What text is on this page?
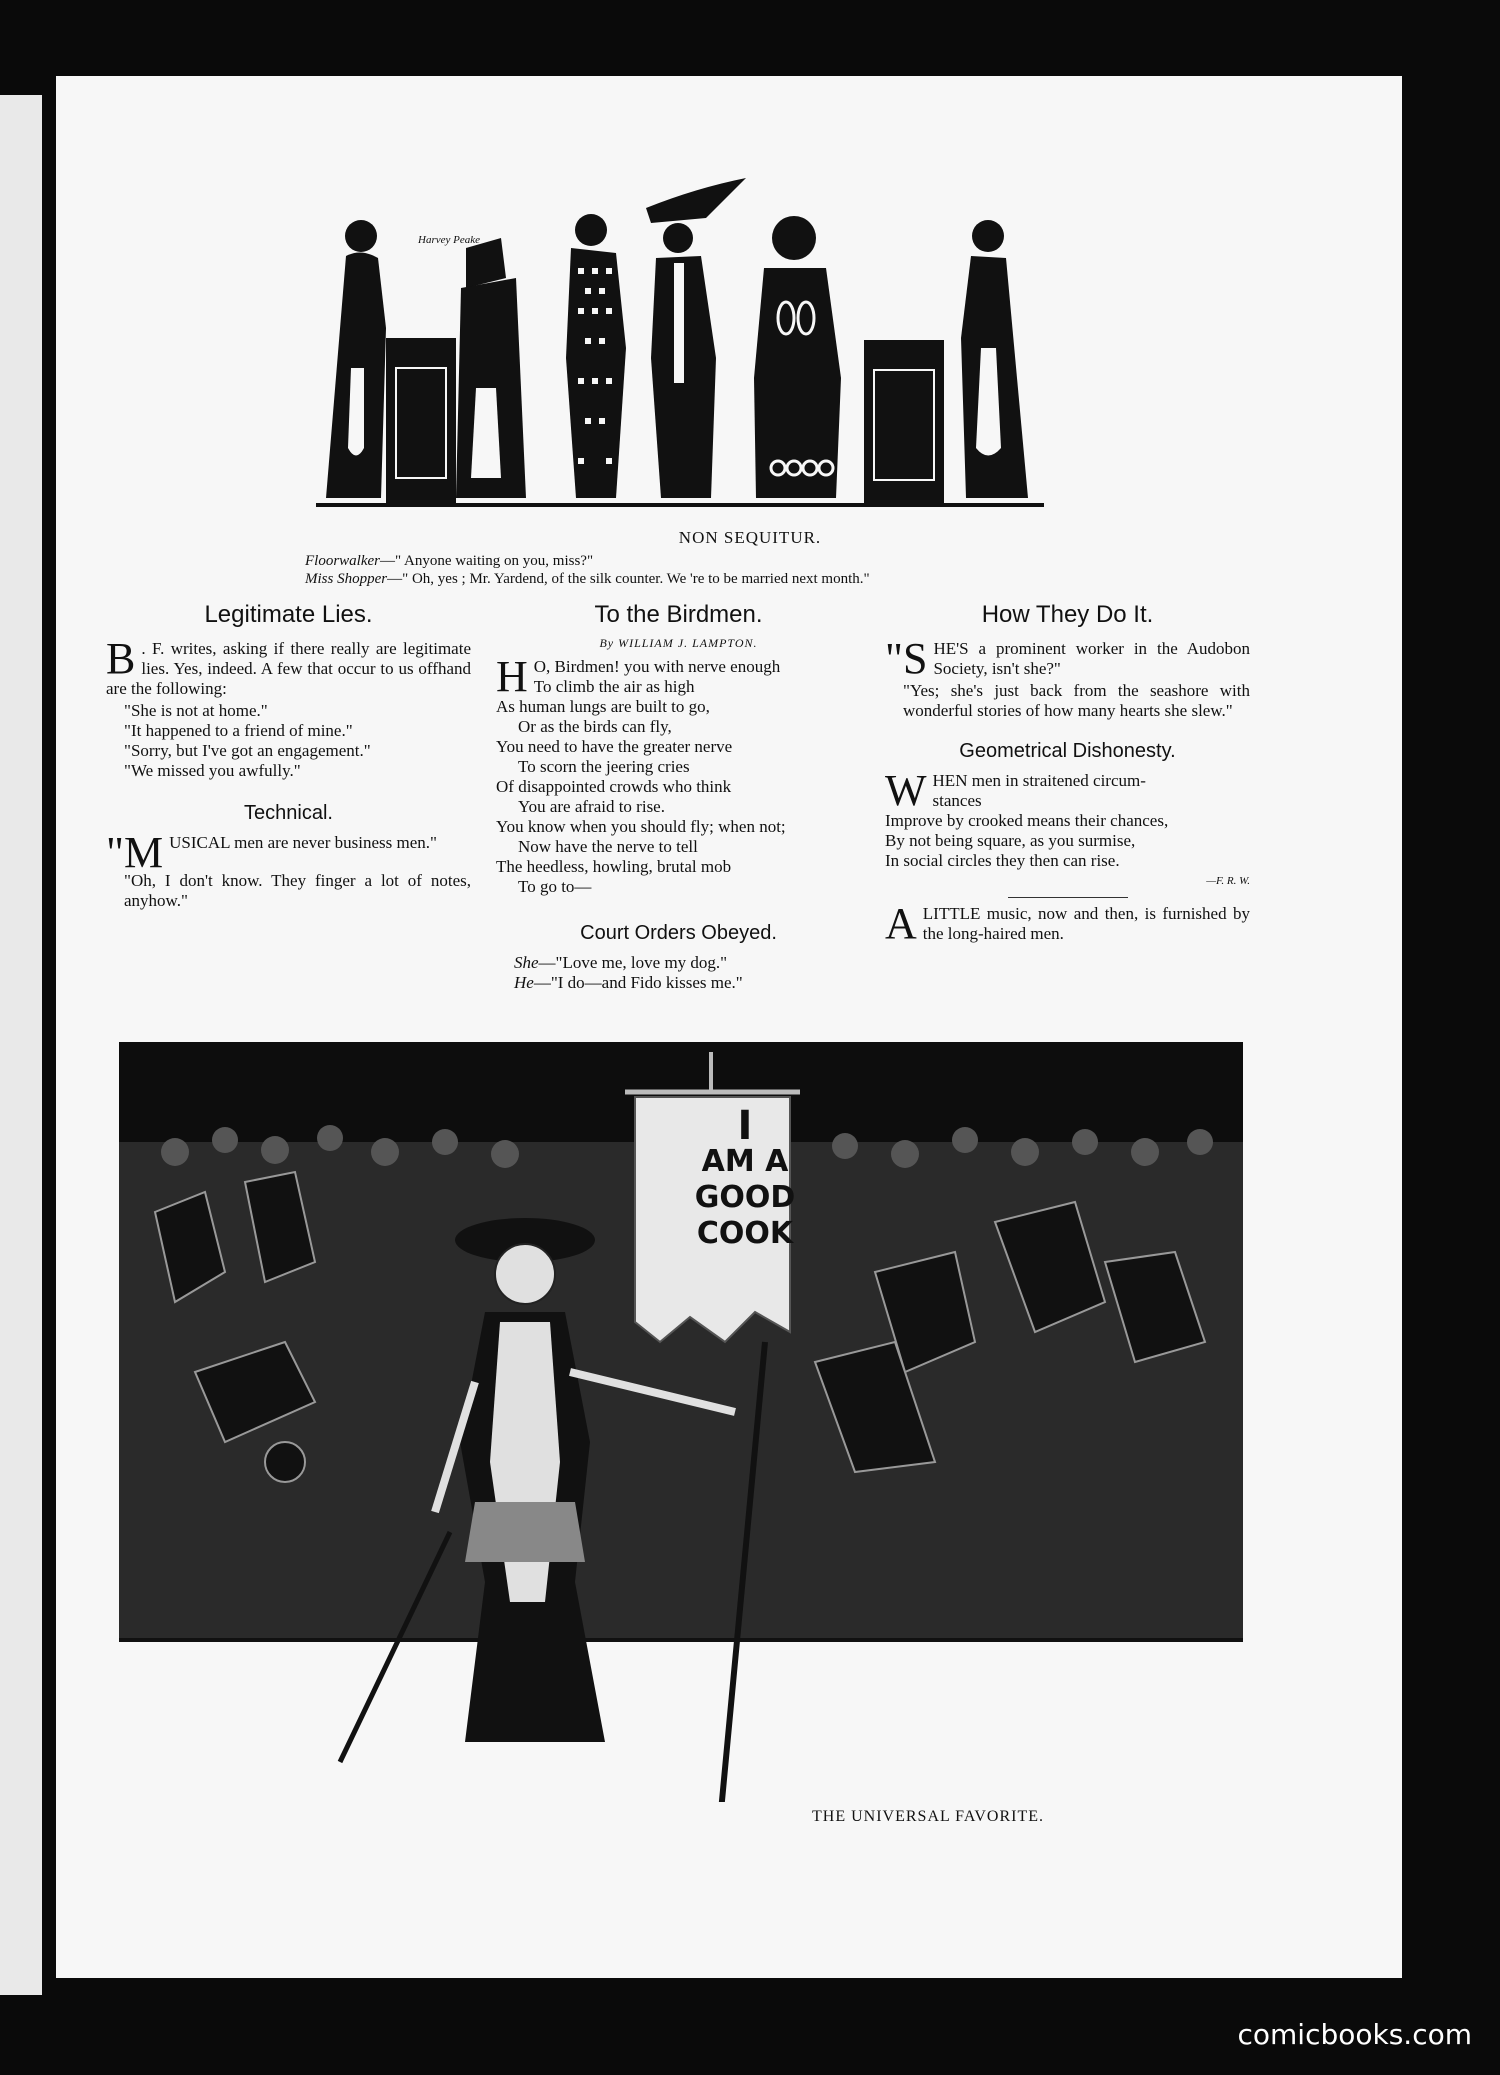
Harvey Peake
NON SEQUITUR.
Floorwalker—" Anyone waiting on you, miss?"
Miss Shopper—" Oh, yes ; Mr. Yardend, of the silk counter. We 're to be married next month."
Legitimate Lies.
B . F. writes, asking if there really are legitimate lies. Yes, indeed. A few that occur to us offhand are the following:
"She is not at home."
"It happened to a friend of mine."
"Sorry, but I've got an engagement."
"We missed you awfully."
Technical.
"MUSICAL men are never business men."
"Oh, I don't know. They finger a lot of notes, anyhow."
To the Birdmen.
By WILLIAM J. LAMPTON.
H O, Birdmen! you with nerve enough
To climb the air as high
As human lungs are built to go,
Or as the birds can fly,
You need to have the greater nerve
To scorn the jeering cries
Of disappointed crowds who think
You are afraid to rise.
You know when you should fly; when not;
Now have the nerve to tell
The heedless, howling, brutal mob
To go to—
Court Orders Obeyed.
She—"Love me, love my dog."
He—"I do—and Fido kisses me."
How They Do It.
"SHE'S a prominent worker in the Audobon Society, isn't she?"
"Yes; she's just back from the seashore with wonderful stories of how many hearts she slew."
Geometrical Dishonesty.
W HEN men in straitened circum-
stances
Improve by crooked means their chances,
By not being square, as you surmise,
In social circles they then can rise.
—F. R. W.
ALITTLE music, now and then, is furnished by the long-haired men.
I
AM A
GOOD
COOK
THE UNIVERSAL FAVORITE.
comicbooks.com
